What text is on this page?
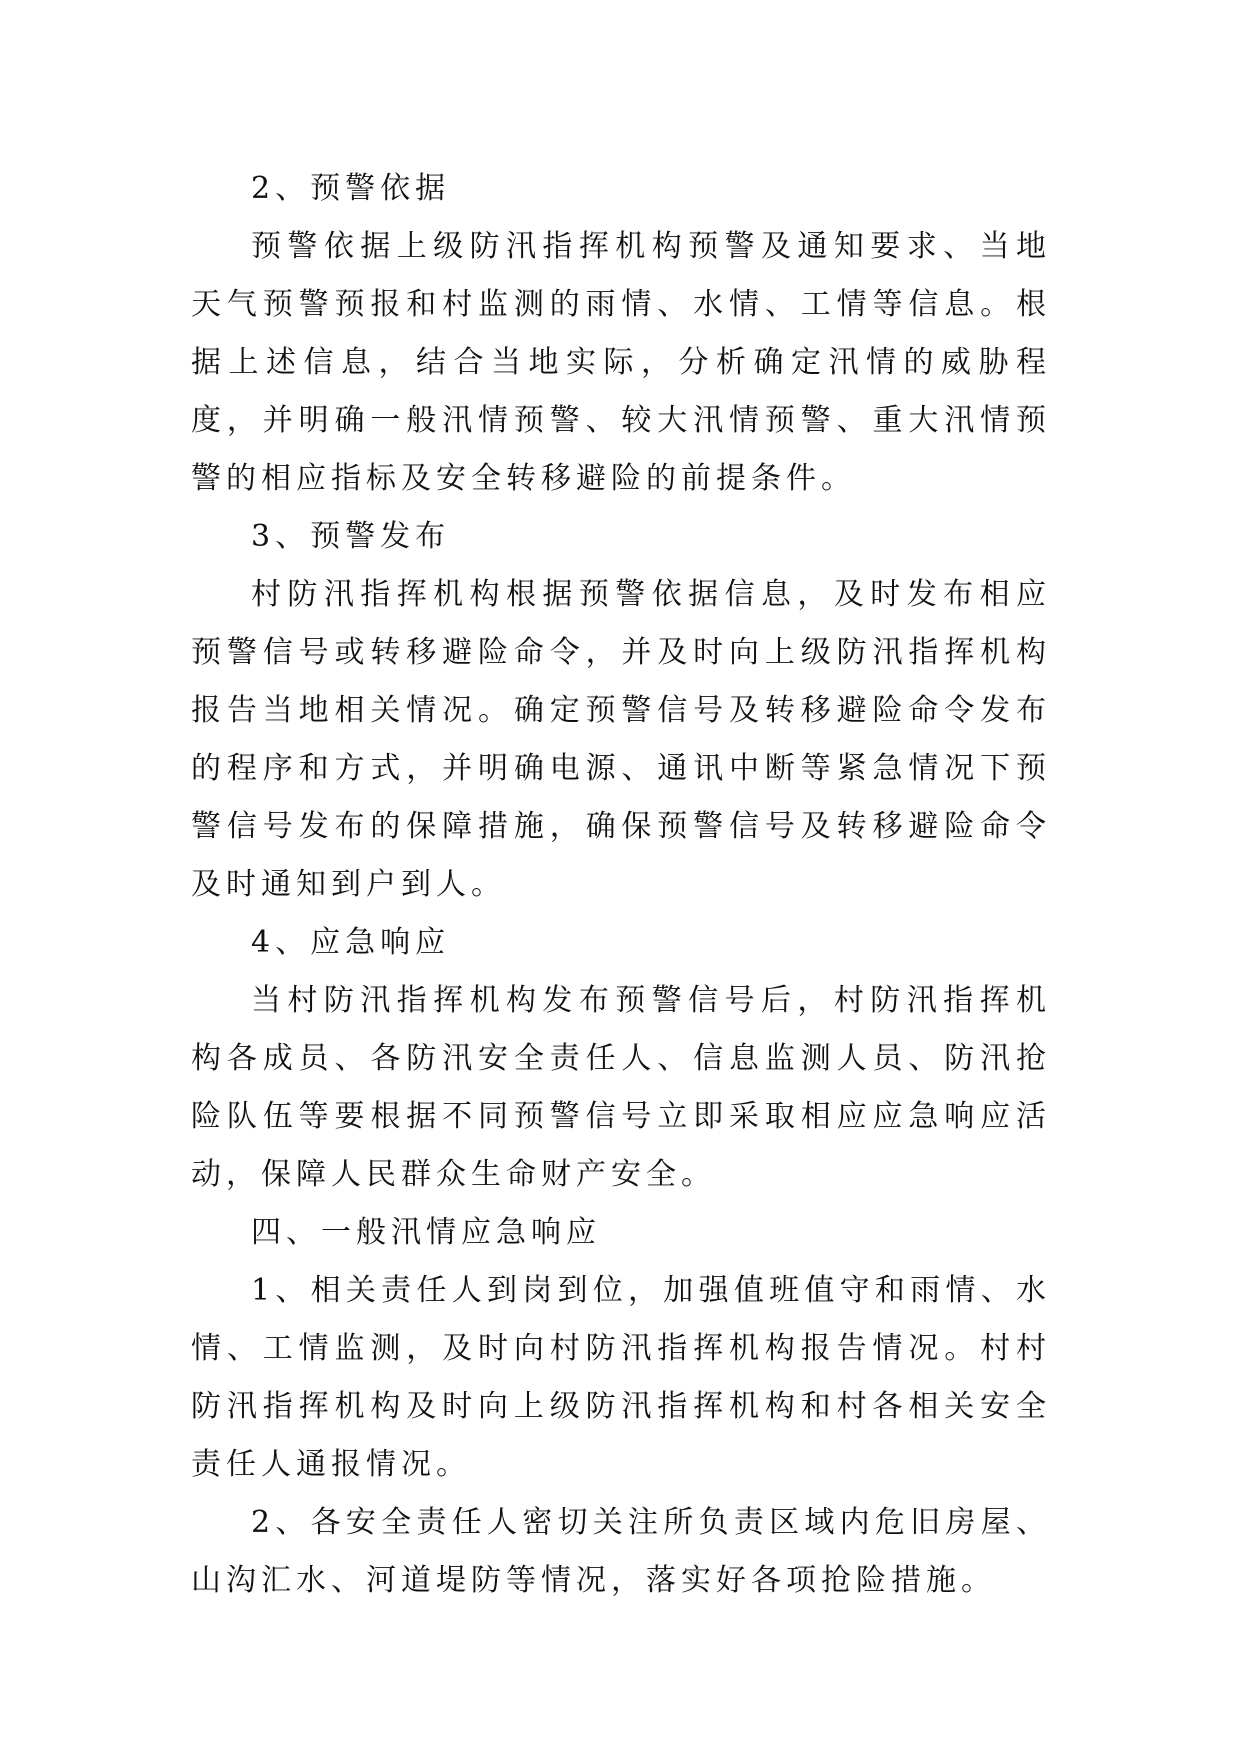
2、预警依据

预警依据上级防汛指挥机构预警及通知要求、当地天气预警预报和村监测的雨情、水情、工情等信息。根据上述信息，结合当地实际，分析确定汛情的威胁程度，并明确一般汛情预警、较大汛情预警、重大汛情预警的相应指标及安全转移避险的前提条件。

3、预警发布

村防汛指挥机构根据预警依据信息，及时发布相应预警信号或转移避险命令，并及时向上级防汛指挥机构报告当地相关情况。确定预警信号及转移避险命令发布的程序和方式，并明确电源、通讯中断等紧急情况下预警信号发布的保障措施，确保预警信号及转移避险命令及时通知到户到人。

4、应急响应

当村防汛指挥机构发布预警信号后，村防汛指挥机构各成员、各防汛安全责任人、信息监测人员、防汛抢险队伍等要根据不同预警信号立即采取相应应急响应活动，保障人民群众生命财产安全。

四、一般汛情应急响应

1、相关责任人到岗到位，加强值班值守和雨情、水情、工情监测，及时向村防汛指挥机构报告情况。村村防汛指挥机构及时向上级防汛指挥机构和村各相关安全责任人通报情况。

2、各安全责任人密切关注所负责区域内危旧房屋、山沟汇水、河道堤防等情况，落实好各项抢险措施。
